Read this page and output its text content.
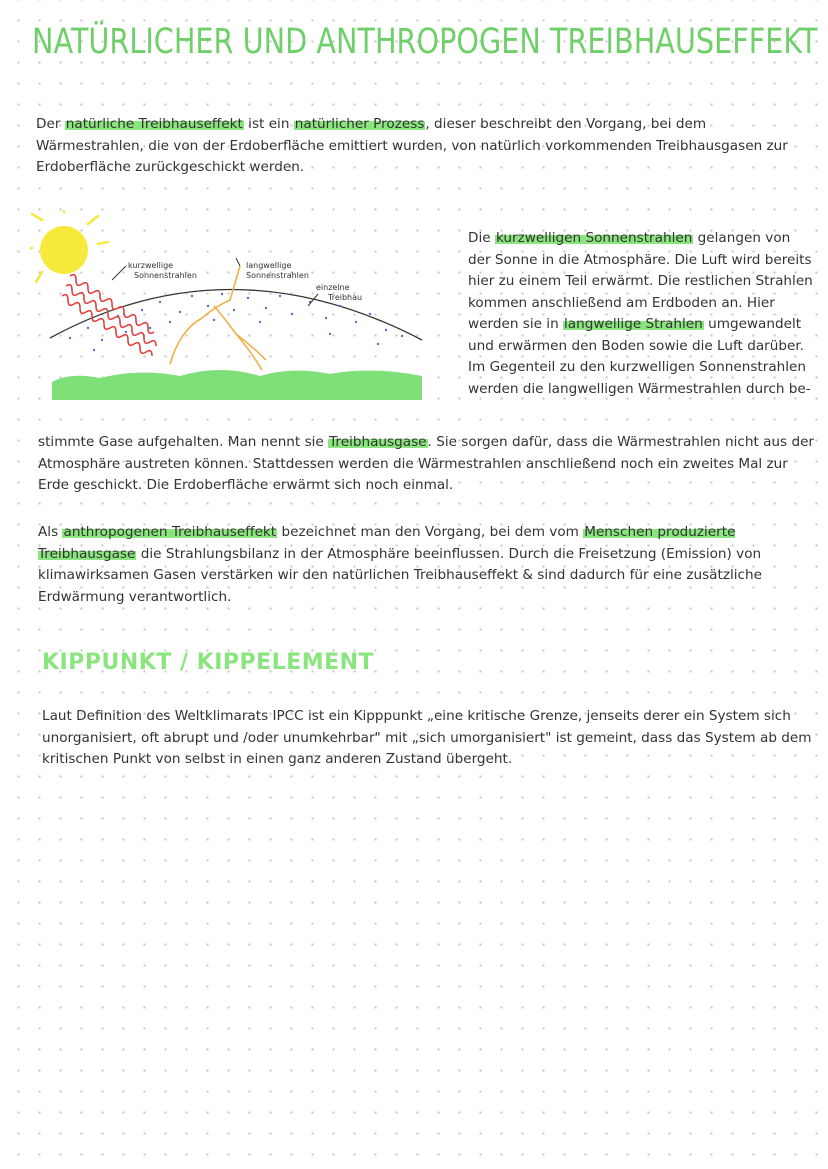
NATÜRLICHER UND ANTHROPOGEN TREIBHAUSEFFEKT
Der natürliche Treibhauseffekt ist ein natürlicher Prozess, dieser beschreibt den Vorgang, bei dem Wärmestrahlen, die von der Erdoberfläche emittiert wurden, von natürlich vorkommenden Treibhausgasen zur Erdoberfläche zurückgeschickt werden.
kurzwellige
Sonnenstrahlen
langwellige
Sonnenstrahlen
einzelne
Treibhau
Die kurzwelligen Sonnenstrahlen gelangen von der Sonne in die Atmosphäre. Die Luft wird bereits hier zu einem Teil erwärmt. Die restlichen Strahlen kommen anschließend am Erdboden an. Hier werden sie in langwellige Strahlen umgewandelt und erwärmen den Boden sowie die Luft darüber. Im Gegenteil zu den kurzwelligen Sonnenstrahlen werden die langwelligen Wärmestrahlen durch be-
stimmte Gase aufgehalten. Man nennt sie Treibhausgase. Sie sorgen dafür, dass die Wärmestrahlen nicht aus der Atmosphäre austreten können. Stattdessen werden die Wärmestrahlen anschließend noch ein zweites Mal zur Erde geschickt. Die Erdoberfläche erwärmt sich noch einmal.
Als anthropogenen Treibhauseffekt bezeichnet man den Vorgang, bei dem vom Menschen produzierte Treibhausgase die Strahlungsbilanz in der Atmosphäre beeinflussen. Durch die Freisetzung (Emission) von klimawirksamen Gasen verstärken wir den natürlichen Treibhauseffekt & sind dadurch für eine zusätzliche Erdwärmung verantwortlich.
KIPPUNKT / KIPPELEMENT
Laut Definition des Weltklimarats IPCC ist ein Kipppunkt „eine kritische Grenze, jenseits derer ein System sich unorganisiert, oft abrupt und /oder unumkehrbar" mit „sich umorganisiert" ist gemeint, dass das System ab dem kritischen Punkt von selbst in einen ganz anderen Zustand übergeht.
